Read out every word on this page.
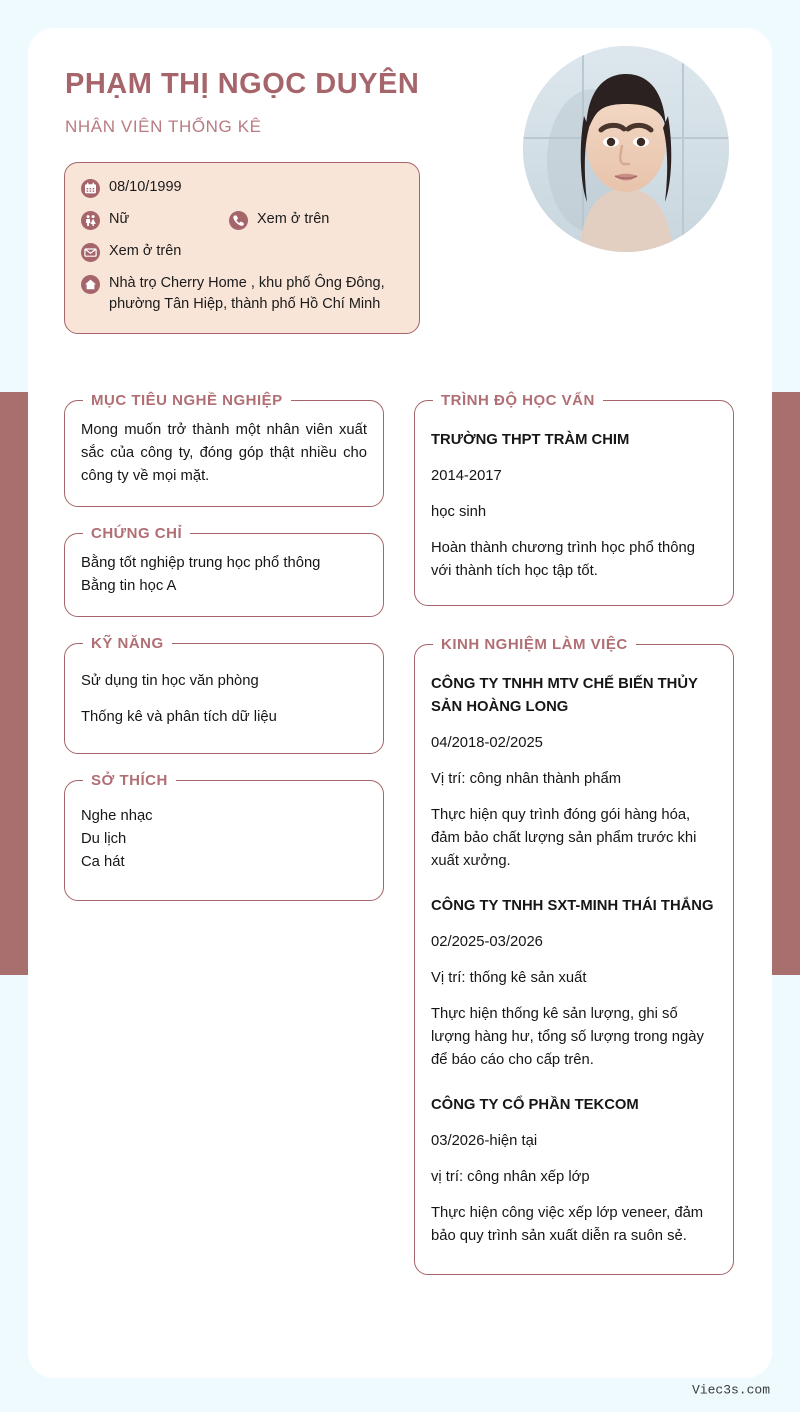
PHẠM THỊ NGỌC DUYÊN
NHÂN VIÊN THỐNG KÊ
08/10/1999
Nữ	Xem ở trên
Xem ở trên
Nhà trọ Cherry Home , khu phố Ông Đông, phường Tân Hiệp, thành phố Hồ Chí Minh
MỤC TIÊU NGHỀ NGHIỆP

Mong muốn trở thành một nhân viên xuất sắc của công ty, đóng góp thật nhiều cho công ty về mọi mặt.

CHỨNG CHỈ

Bằng tốt nghiệp trung học phổ thông

Bằng tin học A

KỸ NĂNG

Sử dụng tin học văn phòng

Thống kê và phân tích dữ liệu

SỞ THÍCH

Nghe nhạc

Du lịch

Ca hát

TRÌNH ĐỘ HỌC VẤN

TRƯỜNG THPT TRÀM CHIM

2014-2017

học sinh

Hoàn thành chương trình học phổ thông với thành tích học tập tốt.

KINH NGHIỆM LÀM VIỆC

CÔNG TY TNHH MTV CHẾ BIẾN THỦY SẢN HOÀNG LONG

04/2018-02/2025

Vị trí: công nhân thành phẩm

Thực hiện quy trình đóng gói hàng hóa, đảm bảo chất lượng sản phẩm trước khi xuất xưởng.

CÔNG TY TNHH SXT-MINH THÁI THẮNG

02/2025-03/2026

Vị trí: thống kê sản xuất

Thực hiện thống kê sản lượng, ghi số lượng hàng hư, tổng số lượng trong ngày để báo cáo cho cấp trên.

CÔNG TY CỔ PHẦN TEKCOM

03/2026-hiện tại

vị trí: công nhân xếp lớp

Thực hiện công việc xếp lớp veneer, đảm bảo quy trình sản xuất diễn ra suôn sẻ.

Viec3s.com
